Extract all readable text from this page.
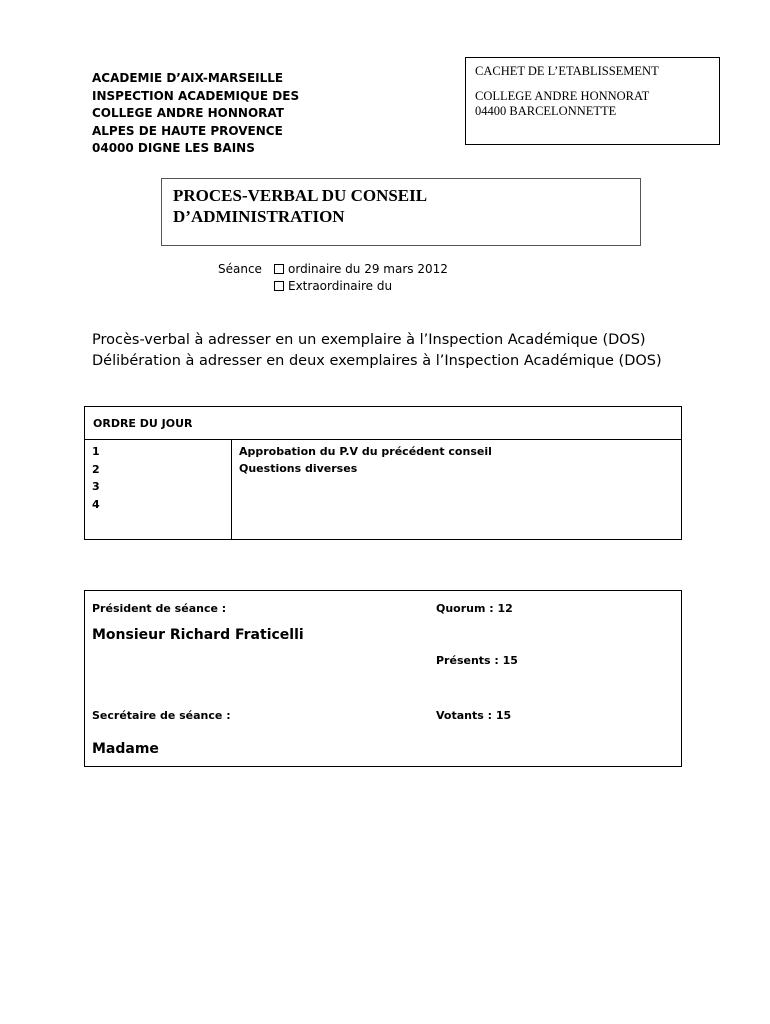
ACADEMIE D’AIX-MARSEILLE
INSPECTION ACADEMIQUE DES
COLLEGE ANDRE HONNORAT
ALPES DE HAUTE PROVENCE
04000 DIGNE LES BAINS
CACHET DE L’ETABLISSEMENT
COLLEGE ANDRE HONNORAT
04400 BARCELONNETTE
PROCES-VERBAL DU CONSEIL
D’ADMINISTRATION
Séance	ordinaire du 29 mars 2012
Extraordinaire du
Procès-verbal à adresser en un exemplaire à l’Inspection Académique (DOS)
Délibération à adresser en deux exemplaires à l’Inspection Académique (DOS)
ORDRE DU JOUR
1
2
3
4
Approbation du P.V du précédent conseil
Questions diverses
Président de séance :
Monsieur Richard Fraticelli
Secrétaire de séance :
Madame
Quorum : 12
Présents : 15
Votants : 15
